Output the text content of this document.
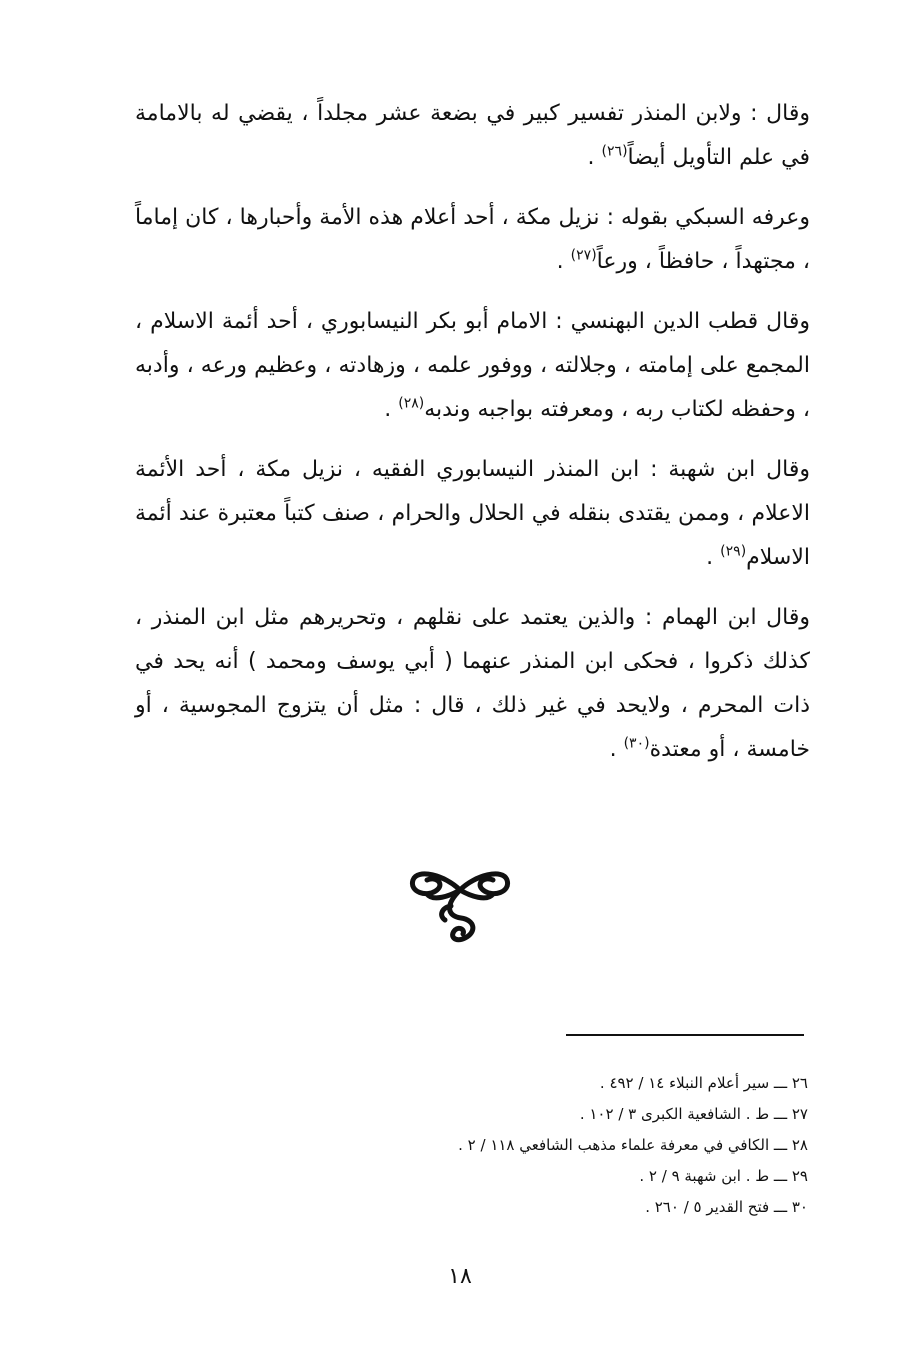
وقال : ولابن المنذر تفسير كبير في بضعة عشر مجلداً ، يقضي له بالامامة في علم التأويل أيضاً$^{(٢٦)}$ .

وعرفه السبكي بقوله : نزيل مكة ، أحد أعلام هذه الأمة وأحبارها ، كان إماماً ، مجتهداً ، حافظاً ، ورعاً$^{(٢٧)}$ .

وقال قطب الدين البهنسي : الامام أبو بكر النيسابوري ، أحد أئمة الاسلام ، المجمع على إمامته ، وجلالته ، ووفور علمه ، وزهادته ، وعظيم ورعه ، وأدبه ، وحفظه لكتاب ربه ، ومعرفته بواجبه وندبه$^{(٢٨)}$ .

وقال ابن شهبة : ابن المنذر النيسابوري الفقيه ، نزيل مكة ، أحد الأئمة الاعلام ، وممن يقتدى بنقله في الحلال والحرام ، صنف كتباً معتبرة عند أئمة الاسلام$^{(٢٩)}$ .

وقال ابن الهمام : والذين يعتمد على نقلهم ، وتحريرهم مثل ابن المنذر ، كذلك ذكروا ، فحكى ابن المنذر عنهما ( أبي يوسف ومحمد ) أنه يحد في ذات المحرم ، ولايحد في غير ذلك ، قال : مثل أن يتزوج المجوسية ، أو خامسة ، أو معتدة$^{(٣٠)}$ .

٢٦ ـــ سير أعلام النبلاء ١٤ / ٤٩٢ .

٢٧ ـــ ط . الشافعية الكبرى ٣ / ١٠٢ .

٢٨ ـــ الكافي في معرفة علماء مذهب الشافعي ١١٨ / ٢ .

٢٩ ـــ ط . ابن شهبة ٩ / ٢ .

٣٠ ـــ فتح القدير ٥ / ٢٦٠ .

١٨
